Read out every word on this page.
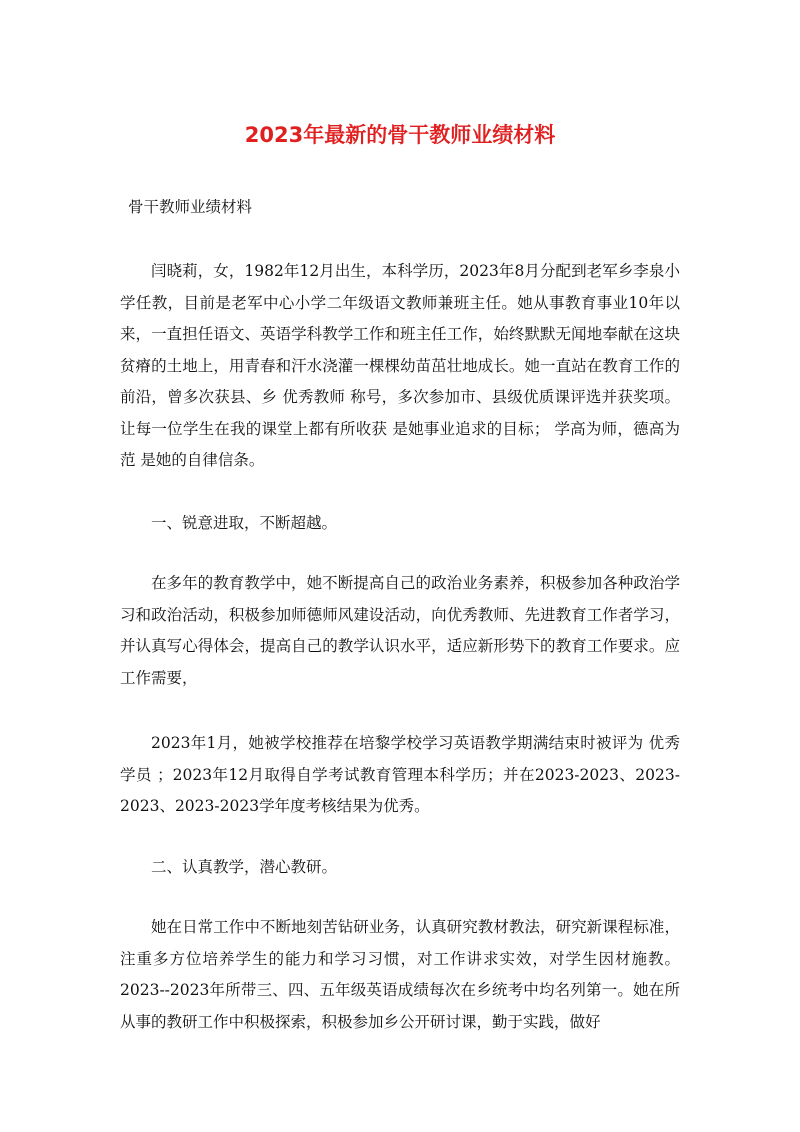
2023年最新的骨干教师业绩材料

骨干教师业绩材料

闫晓莉，女，1982年12月出生，本科学历，2023年8月分配到老军乡李泉小学任教，目前是老军中心小学二年级语文教师兼班主任。她从事教育事业10年以来，一直担任语文、英语学科教学工作和班主任工作，始终默默无闻地奉献在这块贫瘠的土地上，用青春和汗水浇灌一棵棵幼苗茁壮地成长。她一直站在教育工作的前沿，曾多次获县、乡 优秀教师 称号，多次参加市、县级优质课评选并获奖项。 让每一位学生在我的课堂上都有所收获 是她事业追求的目标； 学高为师，德高为范 是她的自律信条。

一、锐意进取，不断超越。

在多年的教育教学中，她不断提高自己的政治业务素养，积极参加各种政治学习和政治活动，积极参加师德师风建设活动，向优秀教师、先进教育工作者学习，并认真写心得体会，提高自己的教学认识水平，适应新形势下的教育工作要求。应工作需要，

2023年1月，她被学校推荐在培黎学校学习英语教学期满结束时被评为 优秀学员 ；2023年12月取得自学考试教育管理本科学历；并在2023-2023、2023-2023、2023-2023学年度考核结果为优秀。

二、认真教学，潜心教研。

她在日常工作中不断地刻苦钻研业务，认真研究教材教法，研究新课程标准，注重多方位培养学生的能力和学习习惯，对工作讲求实效，对学生因材施教。2023--2023年所带三、四、五年级英语成绩每次在乡统考中均名列第一。她在所从事的教研工作中积极探索，积极参加乡公开研讨课，勤于实践，做好
